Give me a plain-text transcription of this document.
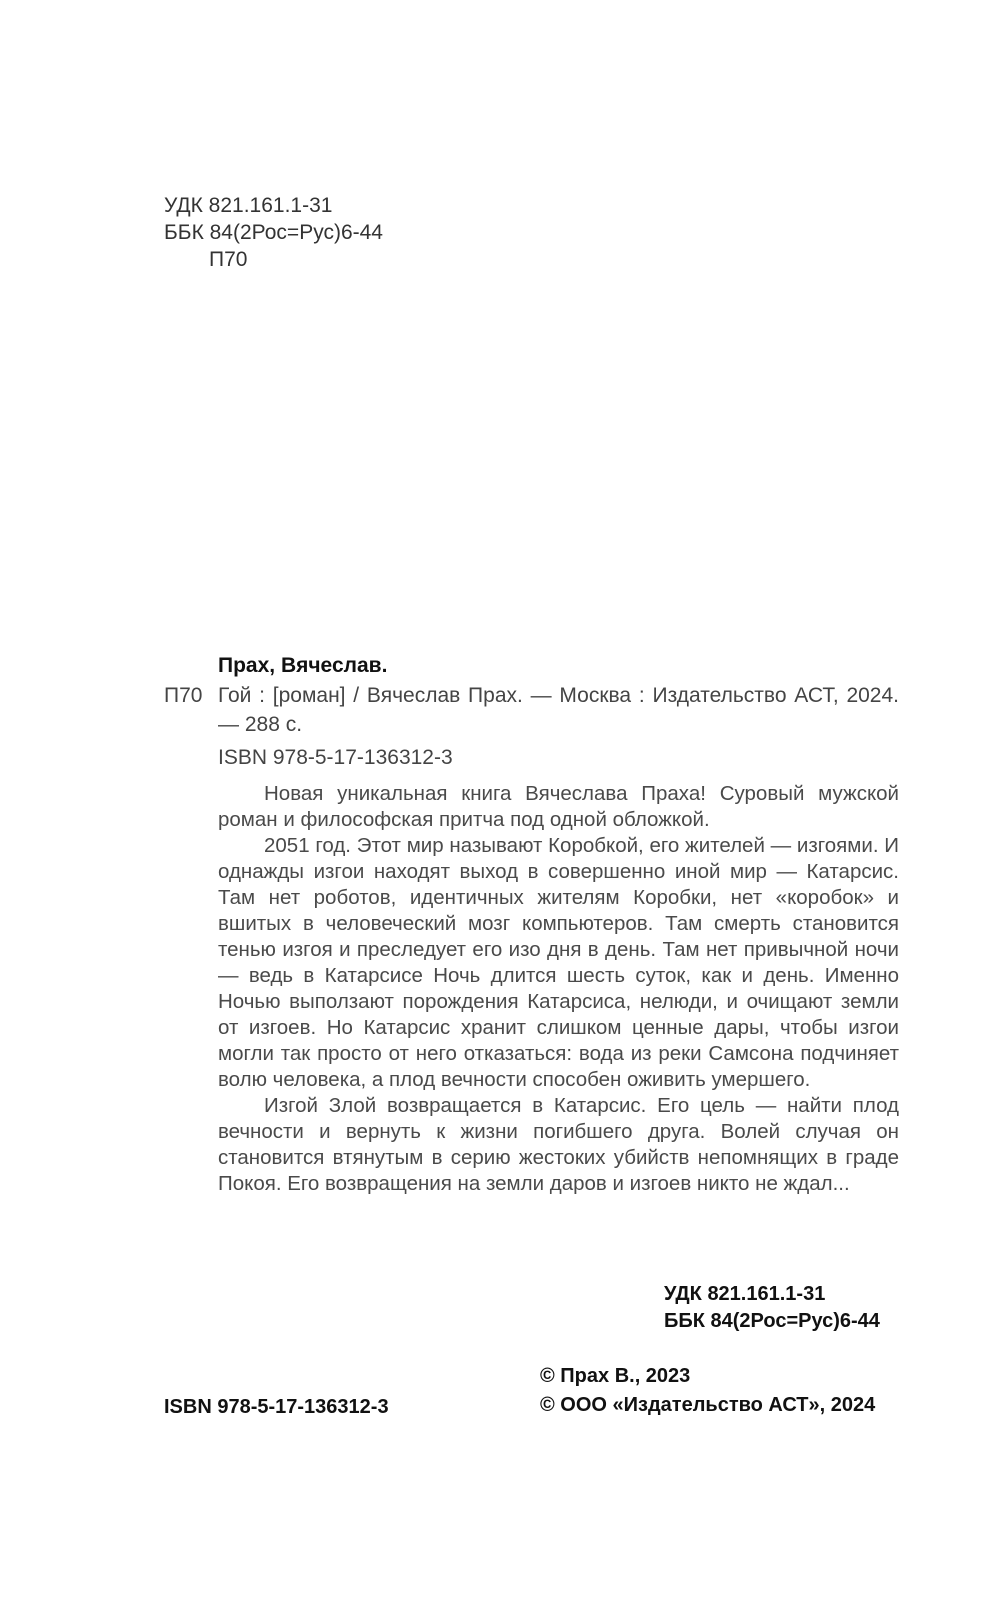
УДК 821.161.1-31
ББК 84(2Рос=Рус)6-44
П70
Прах, Вячеслав.
П70 Гой : [роман] / Вячеслав Прах. — Москва : Издательство АСТ, 2024. — 288 с.
ISBN 978-5-17-136312-3

Новая уникальная книга Вячеслава Праха! Суровый мужской роман и философская притча под одной обложкой.

2051 год. Этот мир называют Коробкой, его жителей — изгоями. И однажды изгои находят выход в совершенно иной мир — Катарсис. Там нет роботов, идентичных жителям Коробки, нет «коробок» и вшитых в человеческий мозг компьютеров. Там смерть становится тенью изгоя и преследует его изо дня в день. Там нет привычной ночи — ведь в Катарсисе Ночь длится шесть суток, как и день. Именно Ночью выползают порождения Катарсиса, нелюди, и очищают земли от изгоев. Но Катарсис хранит слишком ценные дары, чтобы изгои могли так просто от него отказаться: вода из реки Самсона подчиняет волю человека, а плод вечности способен оживить умершего.

Изгой Злой возвращается в Катарсис. Его цель — найти плод вечности и вернуть к жизни погибшего друга. Волей случая он становится втянутым в серию жестоких убийств непомнящих в граде Покоя. Его возвращения на земли даров и изгоев никто не ждал...

УДК 821.161.1-31
ББК 84(2Рос=Рус)6-44
ISBN 978-5-17-136312-3
© Прах В., 2023
© ООО «Издательство АСТ», 2024
